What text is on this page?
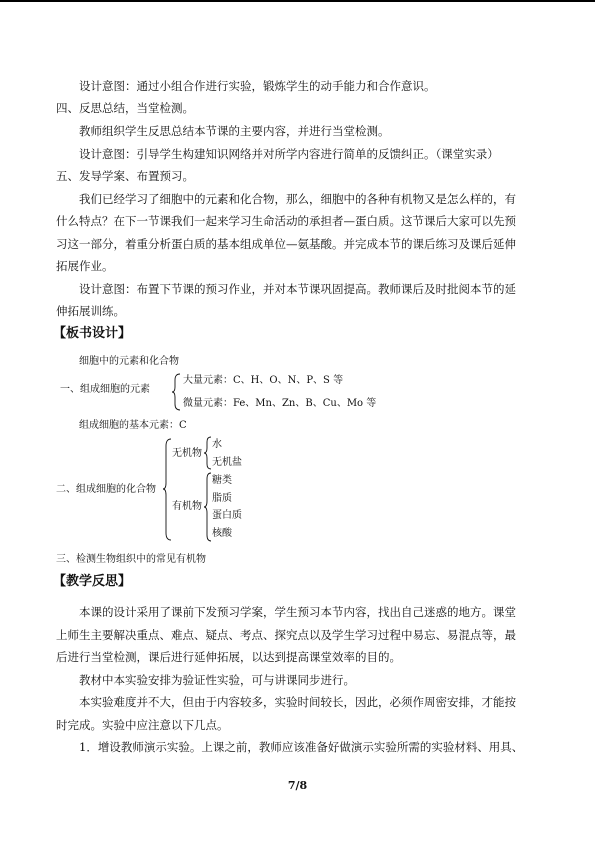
设计意图：通过小组合作进行实验，锻炼学生的动手能力和合作意识。
四、反思总结，当堂检测。
教师组织学生反思总结本节课的主要内容，并进行当堂检测。
设计意图：引导学生构建知识网络并对所学内容进行简单的反馈纠正。（课堂实录）
五、发导学案、布置预习。
我们已经学习了细胞中的元素和化合物，那么，细胞中的各种有机物又是怎么样的，有
什么特点？在下一节课我们一起来学习生命活动的承担者—蛋白质。这节课后大家可以先预
习这一部分，着重分析蛋白质的基本组成单位—氨基酸。并完成本节的课后练习及课后延伸
拓展作业。
设计意图：布置下节课的预习作业，并对本节课巩固提高。教师课后及时批阅本节的延
伸拓展训练。
【板书设计】
细胞中的元素和化合物
一、组成细胞的元素
大量元素：C、H、O、N、P、S 等
微量元素：Fe、Mn、Zn、B、Cu、Mo 等
组成细胞的基本元素：C
二、组成细胞的化合物
无机物
水
无机盐
有机物
糖类
脂质
蛋白质
核酸
三、检测生物组织中的常见有机物
【教学反思】
本课的设计采用了课前下发预习学案，学生预习本节内容，找出自己迷惑的地方。课堂
上师生主要解决重点、难点、疑点、考点、探究点以及学生学习过程中易忘、易混点等，最
后进行当堂检测，课后进行延伸拓展，以达到提高课堂效率的目的。
教材中本实验安排为验证性实验，可与讲课同步进行。
本实验难度并不大，但由于内容较多，实验时间较长，因此，必须作周密安排，才能按
时完成。实验中应注意以下几点。
1．增设教师演示实验。上课之前，教师应该准备好做演示实验所需的实验材料、用具、
7/8
